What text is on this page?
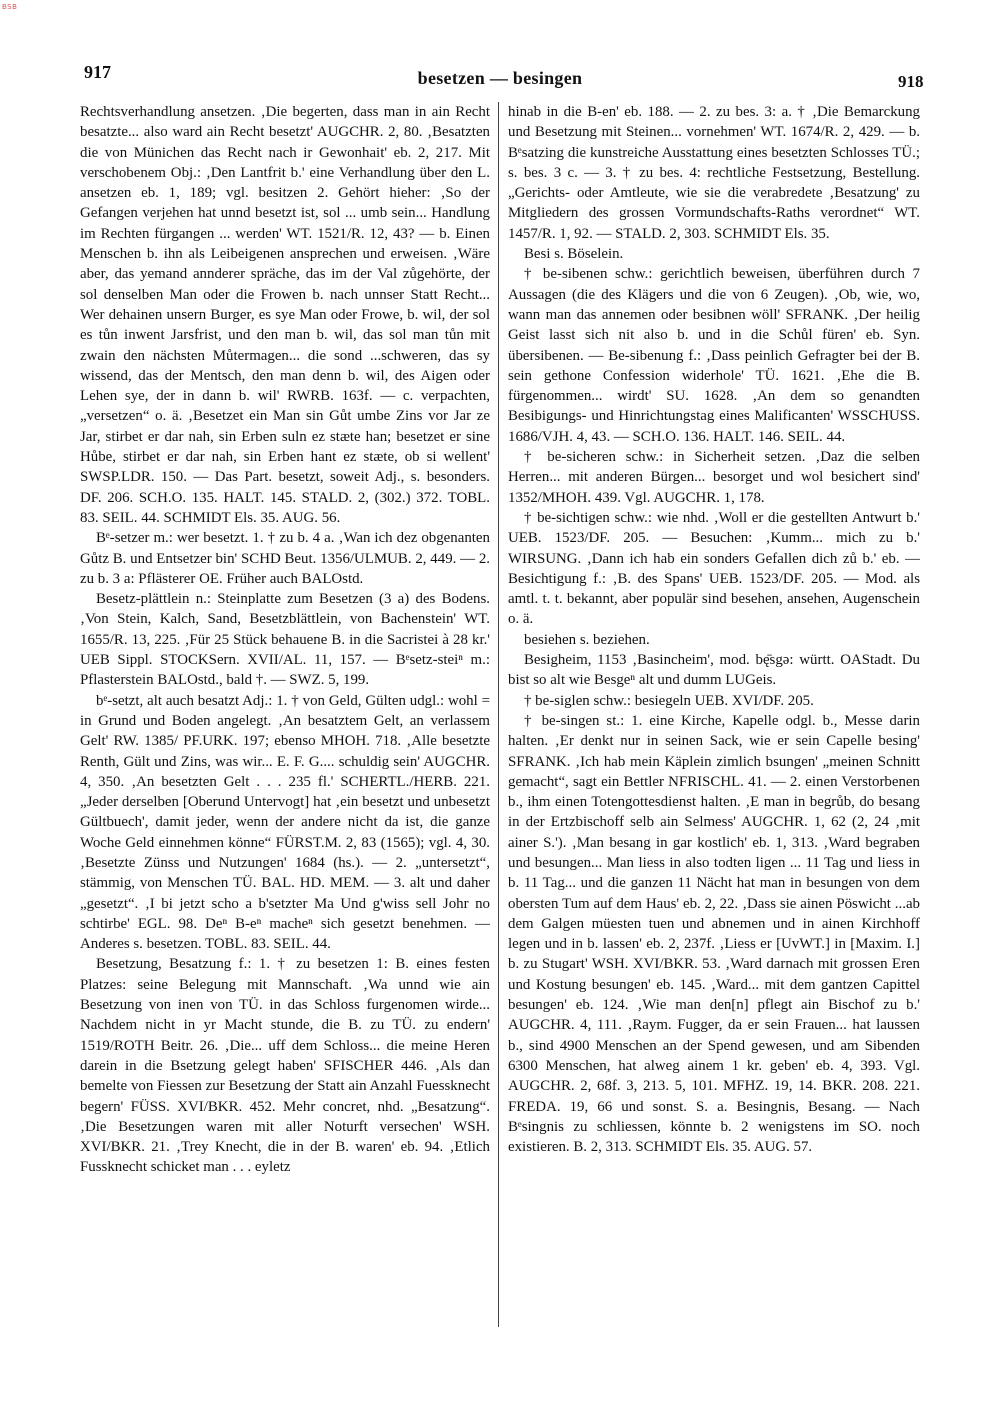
BSB
917	besetzen — besingen	918

Rechtsverhandlung ansetzen. ‚Die begerten, dass man in ain Recht besatzte... also ward ain Recht besetzt' AUGCHR. 2, 80. ‚Besatzten die von Münichen das Recht nach ir Gewonhait' eb. 2, 217. Mit verschobenem Obj.: ‚Den Lantfrit b.' eine Verhandlung über den L. ansetzen eb. 1, 189; vgl. besitzen 2. Gehört hieher: ‚So der Gefangen verjehen hat unnd besetzt ist, sol ... umb sein... Handlung im Rechten fürgangen ... werden' WT. 1521/R. 12, 43? — b. Einen Menschen b. ihn als Leibeigenen ansprechen und erweisen. ‚Wäre aber, das yemand annderer spräche, das im der Val zůgehörte, der sol denselben Man oder die Frowen b. nach unnser Statt Recht... Wer dehainen unsern Burger, es sye Man oder Frowe, b. wil, der sol es tůn inwent Jarsfrist, und den man b. wil, das sol man tůn mit zwain den nächsten Můtermagen... die sond ...schweren, das sy wissend, das der Mentsch, den man denn b. wil, des Aigen oder Lehen sye, der in dann b. wil' RWRB. 163f. — c. verpachten, „versetzen“ o. ä. ‚Besetzet ein Man sin Gůt umbe Zins vor Jar ze Jar, stirbet er dar nah, sin Erben suln ez stæte han; besetzet er sine Hůbe, stirbet er dar nah, sin Erben hant ez stæte, ob si wellent' SWSP.LDR. 150. — Das Part. besetzt, soweit Adj., s. besonders. DF. 206. SCH.O. 135. HALT. 145. STALD. 2, (302.) 372. TOBL. 83. SEIL. 44. SCHMIDT Els. 35. AUG. 56.

Bᵉ-setzer m.: wer besetzt. 1. † zu b. 4 a. ‚Wan ich dez obgenanten Gůtz B. und Entsetzer bin' SCHD Beut. 1356/ULMUB. 2, 449. — 2. zu b. 3 a: Pflästerer OE. Früher auch BALOstd.

Besetz-plättlein n.: Steinplatte zum Besetzen (3 a) des Bodens. ‚Von Stein, Kalch, Sand, Besetzblättlein, von Bachenstein' WT. 1655/R. 13, 225. ‚Für 25 Stück behauene B. in die Sacristei à 28 kr.' UEB Sippl. STOCKSern. XVII/AL. 11, 157. — Bᵉsetz-steiⁿ m.: Pflasterstein BALOstd., bald †. — SWZ. 5, 199.

bᵉ-setzt, alt auch besatzt Adj.: 1. † von Geld, Gülten udgl.: wohl = in Grund und Boden angelegt. ‚An besatztem Gelt, an verlassem Gelt' RW. 1385/ PF.URK. 197; ebenso MHOH. 718. ‚Alle besetzte Renth, Gült und Zins, was wir... E. F. G.... schuldig sein' AUGCHR. 4, 350. ‚An besetzten Gelt . . . 235 fl.' SCHERTL./HERB. 221. „Jeder derselben [Oberund Untervogt] hat ‚ein besetzt und unbesetzt Gültbuech', damit jeder, wenn der andere nicht da ist, die ganze Woche Geld einnehmen könne“ FÜRST.M. 2, 83 (1565); vgl. 4, 30. ‚Besetzte Zünss und Nutzungen' 1684 (hs.). — 2. „untersetzt“, stämmig, von Menschen TÜ. BAL. HD. MEM. — 3. alt und daher „gesetzt“. ‚I bi jetzt scho a b'setzter Ma Und g'wiss sell Johr no schtirbe' EGL. 98. Deⁿ B-eⁿ macheⁿ sich gesetzt benehmen. — Anderes s. besetzen. TOBL. 83. SEIL. 44.

Besetzung, Besatzung f.: 1. † zu besetzen 1: B. eines festen Platzes: seine Belegung mit Mannschaft. ‚Wa unnd wie ain Besetzung von inen von TÜ. in das Schloss furgenomen wirde... Nachdem nicht in yr Macht stunde, die B. zu TÜ. zu endern' 1519/ROTH Beitr. 26. ‚Die... uff dem Schloss... die meine Heren darein in die Bsetzung gelegt haben' SFISCHER 446. ‚Als dan bemelte von Fiessen zur Besetzung der Statt ain Anzahl Fuessknecht begern' FÜSS. XVI/BKR. 452. Mehr concret, nhd. „Besatzung“. ‚Die Besetzungen waren mit aller Noturft versechen' WSH. XVI/BKR. 21. ‚Trey Knecht, die in der B. waren' eb. 94. ‚Etlich Fussknecht schicket man . . . eyletz

hinab in die B-en' eb. 188. — 2. zu bes. 3: a. † ‚Die Bemarckung und Besetzung mit Steinen... vornehmen' WT. 1674/R. 2, 429. — b. Bᵉsatzing die kunstreiche Ausstattung eines besetzten Schlosses TÜ.; s. bes. 3 c. — 3. † zu bes. 4: rechtliche Festsetzung, Bestellung. „Gerichts- oder Amtleute, wie sie die verabredete ‚Besatzung' zu Mitgliedern des grossen Vormundschafts-Raths verordnet“ WT. 1457/R. 1, 92. — STALD. 2, 303. SCHMIDT Els. 35.

Besi s. Böselein.

† be-sibenen schw.: gerichtlich beweisen, überführen durch 7 Aussagen (die des Klägers und die von 6 Zeugen). ‚Ob, wie, wo, wann man das annemen oder besibnen wöll' SFRANK. ‚Der heilig Geist lasst sich nit also b. und in die Schůl füren' eb. Syn. übersibenen. — Be-sibenung f.: ‚Dass peinlich Gefragter bei der B. sein gethone Confession widerhole' TÜ. 1621. ‚Ehe die B. fürgenommen... wirdt' SU. 1628. ‚An dem so genandten Besibigungs- und Hinrichtungstag eines Malificanten' WSSCHUSS. 1686/VJH. 4, 43. — SCH.O. 136. HALT. 146. SEIL. 44.

† be-sicheren schw.: in Sicherheit setzen. ‚Daz die selben Herren... mit anderen Bürgen... besorget und wol besichert sind' 1352/MHOH. 439. Vgl. AUGCHR. 1, 178.

† be-sichtigen schw.: wie nhd. ‚Woll er die gestellten Antwurt b.' UEB. 1523/DF. 205. — Besuchen: ‚Kumm... mich zu b.' WIRSUNG. ‚Dann ich hab ein sonders Gefallen dich zů b.' eb. — Besichtigung f.: ‚B. des Spans' UEB. 1523/DF. 205. — Mod. als amtl. t. t. bekannt, aber populär sind besehen, ansehen, Augenschein o. ä.

besiehen s. beziehen.

Besigheim, 1153 ‚Basincheim', mod. bę̄sgə: württ. OAStadt. Du bist so alt wie Besgeⁿ alt und dumm LUGeis.

† be-siglen schw.: besiegeln UEB. XVI/DF. 205.

† be-singen st.: 1. eine Kirche, Kapelle odgl. b., Messe darin halten. ‚Er denkt nur in seinen Sack, wie er sein Capelle besing' SFRANK. ‚Ich hab mein Käplein zimlich bsungen' „meinen Schnitt gemacht“, sagt ein Bettler NFRISCHL. 41. — 2. einen Verstorbenen b., ihm einen Totengottesdienst halten. ‚E man in begrůb, do besang in der Ertzbischoff selb ain Selmess' AUGCHR. 1, 62 (2, 24 ‚mit ainer S.'). ‚Man besang in gar kostlich' eb. 1, 313. ‚Ward begraben und besungen... Man liess in also todten ligen ... 11 Tag und liess in b. 11 Tag... und die ganzen 11 Nächt hat man in besungen von dem obersten Tum auf dem Haus' eb. 2, 22. ‚Dass sie ainen Pöswicht ...ab dem Galgen müesten tuen und abnemen und in ainen Kirchhoff legen und in b. lassen' eb. 2, 237f. ‚Liess er [UvWT.] in [Maxim. I.] b. zu Stugart' WSH. XVI/BKR. 53. ‚Ward darnach mit grossen Eren und Kostung besungen' eb. 145. ‚Ward... mit dem gantzen Capittel besungen' eb. 124. ‚Wie man den[n] pflegt ain Bischof zu b.' AUGCHR. 4, 111. ‚Raym. Fugger, da er sein Frauen... hat laussen b., sind 4900 Menschen an der Spend gewesen, und am Sibenden 6300 Menschen, hat alweg ainem 1 kr. geben' eb. 4, 393. Vgl. AUGCHR. 2, 68f. 3, 213. 5, 101. MFHZ. 19, 14. BKR. 208. 221. FREDA. 19, 66 und sonst. S. a. Besingnis, Besang. — Nach Bᵉsingnis zu schliessen, könnte b. 2 wenigstens im SO. noch existieren. B. 2, 313. SCHMIDT Els. 35. AUG. 57.
